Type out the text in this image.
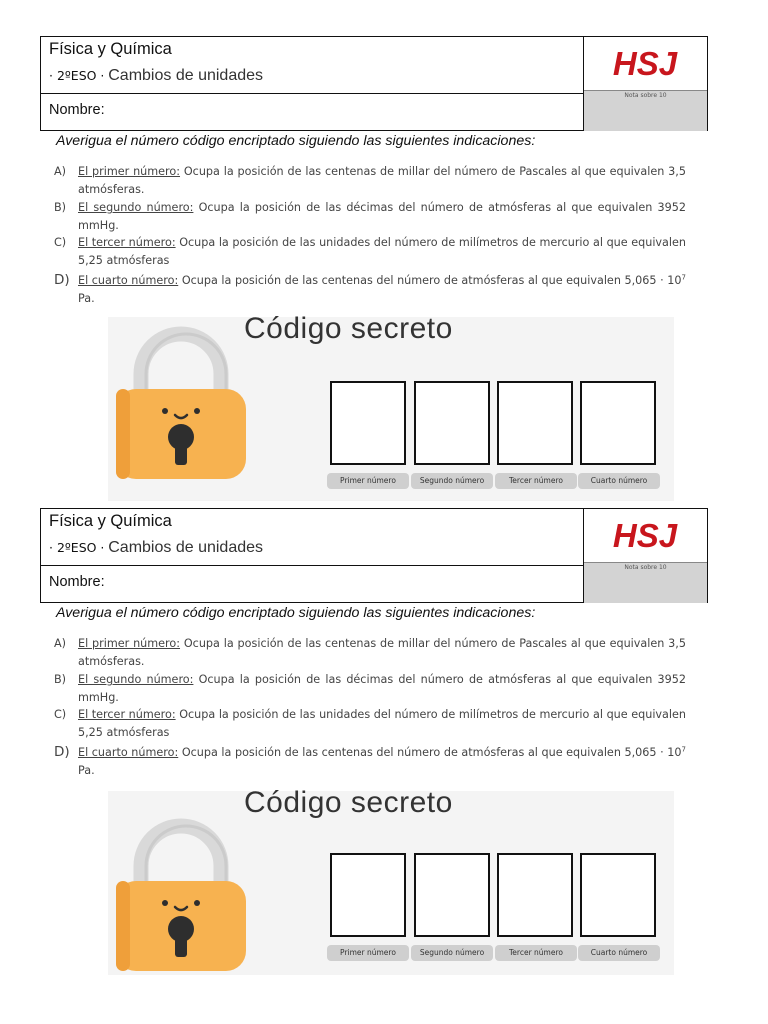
Física y Química
· 2ºESO · Cambios de unidades
Nombre:
HSJ
Nota sobre 10
Averigua el número código encriptado siguiendo las siguientes indicaciones:
A) El primer número: Ocupa la posición de las centenas de millar del número de Pascales al que equivalen 3,5 atmósferas.
B) El segundo número: Ocupa la posición de las décimas del número de atmósferas al que equivalen 3952 mmHg.
C) El tercer número: Ocupa la posición de las unidades del número de milímetros de mercurio al que equivalen 5,25 atmósferas
D) El cuarto número: Ocupa la posición de las centenas del número de atmósferas al que equivalen $5,065 \cdot 10^7$ Pa.
Código secreto
Primer número	Segundo número	Tercer número	Cuarto número
Física y Química
· 2ºESO · Cambios de unidades
Nombre:
HSJ
Nota sobre 10
Averigua el número código encriptado siguiendo las siguientes indicaciones:
A) El primer número: Ocupa la posición de las centenas de millar del número de Pascales al que equivalen 3,5 atmósferas.
B) El segundo número: Ocupa la posición de las décimas del número de atmósferas al que equivalen 3952 mmHg.
C) El tercer número: Ocupa la posición de las unidades del número de milímetros de mercurio al que equivalen 5,25 atmósferas
D) El cuarto número: Ocupa la posición de las centenas del número de atmósferas al que equivalen $5,065 \cdot 10^7$ Pa.
Código secreto
Primer número	Segundo número	Tercer número	Cuarto número
